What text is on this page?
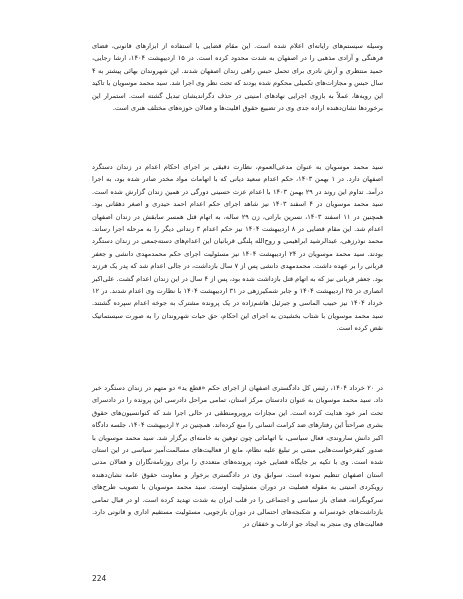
وسیله سیستم‌های رایانه‌ای اعلام شده است. این مقام قضایی با استفاده از ابزارهای قانونی، فضای فرهنگی و آزادی مذهبی را در اصفهان به شدت محدود کرده است. در ۱۵ اردیبهشت ۱۴۰۴، ارشا رجایی، حمید منتظری و آرش نادری برای تحمل حبس راهی زندان اصفهان شدند. این شهروندان بهائی پیشتر به ۴ سال حبس و مجازات‌های تکمیلی محکوم شده بودند که تحت نظر وی اجرا شد. سید محمد موسویان با تاکید این رویه‌ها، عملاً به بازوی اجرایی نهادهای امنیتی در حذف دگراندیشان تبدیل گشته است. استمرار این برخوردها نشان‌دهنده اراده جدی وی در تضییع حقوق اقلیت‌ها و فعالان حوزه‌های مختلف هنری است.

سید محمد موسویان به عنوان مدعی‌العموم، نظارت دقیقی بر اجرای احکام اعدام در زندان دستگرد اصفهان دارد. در ۱ بهمن ۱۴۰۳، حکم اعدام سعید دیانی که با اتهامات مواد مخدر صادر شده بود، به اجرا درآمد. تداوم این روند در ۲۹ بهمن ۱۴۰۳ با اعدام عزت حسینی دورگی در همین زندان گزارش شده است. سید محمد موسویان در ۴ اسفند ۱۴۰۳ نیز شاهد اجرای حکم اعدام احمد حیدری و اصغر دهقانی بود. همچنین در ۱۱ اسفند ۱۴۰۳، نسرین باراتی، زن ۲۹ ساله، به اتهام قتل همسر سابقش در زندان اصفهان اعدام شد. این مقام قضایی در ۸ اردیبهشت ۱۴۰۴ نیز حکم اعدام ۳ زندانی دیگر را به مرحله اجرا رساند. محمد نوذرزهی، عبدالرشید ابراهیمی و روح‌الله پلنگی قربانیان این اعدام‌های دسته‌جمعی در زندان دستگرد بودند. سید محمد موسویان در ۲۴ اردیبهشت ۱۴۰۴ نیز مسئولیت اجرای حکم محمدمهدی دانشی و جعفر قربانی را بر عهده داشت. محمدمهدی دانشی پس از ۷ سال بازداشت، در جالی اعدام شد که پدر یک فرزند بود. جعفر قربانی نیز که به اتهام قتل بازداشت شده بود، پس از ۴ سال در این زندان اعدام گشت. علی‌اکبر انصاری در ۲۵ اردیبهشت ۱۴۰۴ و جابر شمکیرزهی در ۳۱ اردیبهشت ۱۴۰۴ با نظارت وی اعدام شدند. در ۱۲ خرداد ۱۴۰۴ نیز حبیب الماسی و جبرئیل هاشم‌زاده در یک پرونده مشترک به جوخه اعدام سپرده گشتند. سید محمد موسویان با شتاب بخشیدن به اجرای این احکام، حق حیات شهروندان را به صورت سیستماتیک نقض کرده است.

در ۲۰ خرداد ۱۴۰۴، رئیس کل دادگستری اصفهان از اجرای حکم «قطع ید» دو متهم در زندان دستگرد خبر داد. سید محمد موسویان به عنوان دادستان مرکز استان، تمامی مراحل دادرسی این پرونده را در دادسرای تحت امر خود هدایت کرده است. این مجازات بروبرومنطقی در حالی اجرا شد که کنوانسیون‌های حقوق بشری صراحتاً این رفتارهای ضد کرامت انسانی را منع کرده‌اند. همچنین در ۲ اردیبهشت ۱۴۰۴، جلسه دادگاه اکبر دانش ساروندی، فعال سیاسی، با اتهاماتی چون توهین به خامنه‌ای برگزار شد. سید محمد موسویان با صدور کیفرخواست‌هایی مبتنی بر تبلیغ علیه نظام، مانع از فعالیت‌های مسالمت‌آمیز سیاسی در این استان شده است. وی با تکیه بر جایگاه قضایی خود، پرونده‌های متعددی را برای روزنامه‌نگاران و فعالان مدنی استان اصفهان تنظیم نموده است. سوابق وی در دادگستری برخوار و معاونت حقوق عامه نشان‌دهنده رویکردی امنیتی به مقوله فصلیت در دوران مسئولیت اوست. سید محمد موسویان با تصویب طرح‌های سرکوبگرانه، فضای باز سیاسی و اجتماعی را در قلب ایران به شدت تهدید کرده است. او در قبال تمامی بازداشت‌های خودسرانه و شکنجه‌های احتمالی در دوران بازجویی، مسئولیت مستقیم اداری و قانونی دارد. فعالیت‌های وی منجر به ایجاد جو ارعاب و خفقان در

224
